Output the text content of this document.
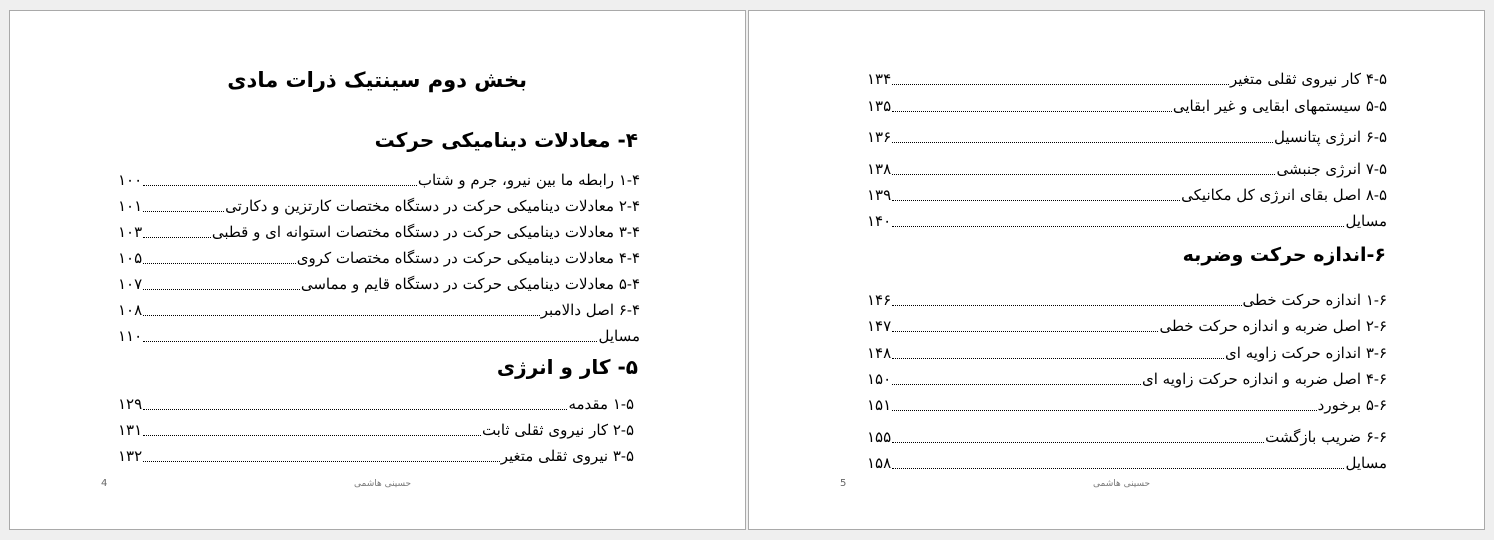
بخش دوم سینتیک ذرات مادی
۴- معادلات دینامیکی حرکت
۱-۴ رابطه ما بین نیرو، جرم و شتاب
۱۰۰
۲-۴ معادلات دینامیکی حرکت در دستگاه مختصات کارتزین و دکارتی
۱۰۱
۳-۴ معادلات دینامیکی حرکت در دستگاه مختصات استوانه ای و قطبی
۱۰۳
۴-۴ معادلات دینامیکی حرکت در دستگاه مختصات کروی
۱۰۵
۵-۴ معادلات دینامیکی حرکت در دستگاه قایم و مماسی
۱۰۷
۶-۴ اصل دالامبر
۱۰۸
مسایل
۱۱۰
۵- کار و انرژی
۱-۵ مقدمه
۱۲۹
۲-۵ کار نیروی ثقلی ثابت
۱۳۱
۳-۵ نیروی ثقلی متغیر
۱۳۲
4	حسینی هاشمی
۴-۵ کار نیروی ثقلی متغیر
۱۳۴
۵-۵ سیستمهای ابقایی و غیر ابقایی
۱۳۵
۶-۵ انرژی پتانسیل
۱۳۶
۷-۵ انرژی جنبشی
۱۳۸
۸-۵ اصل بقای انرژی کل مکانیکی
۱۳۹
مسایل
۱۴۰
۶-اندازه حرکت وضربه
۱-۶ اندازه حرکت خطی
۱۴۶
۲-۶ اصل ضربه و اندازه حرکت خطی
۱۴۷
۳-۶ اندازه حرکت زاویه ای
۱۴۸
۴-۶ اصل ضربه و اندازه حرکت زاویه ای
۱۵۰
۵-۶ برخورد
۱۵۱
۶-۶ ضریب بازگشت
۱۵۵
مسایل
۱۵۸
5	حسینی هاشمی
